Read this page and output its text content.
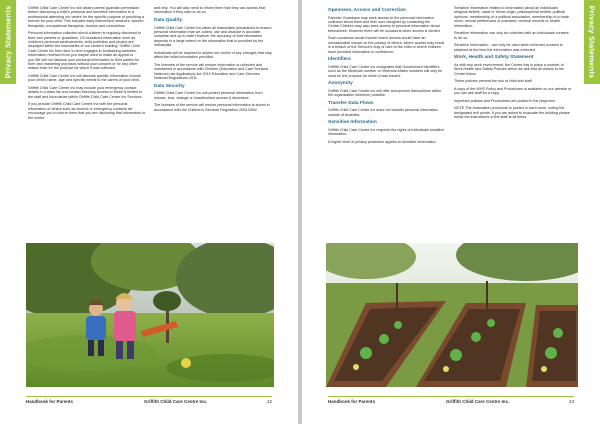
Privacy Statements	Griffith Child Care Centre Inc will obtain parent/ guardian permission before disclosing a child's personal and sensitive information to a professional attending our centre for the specific purpose of providing a service for your child. This includes early intervention teachers, speech therapists, occupational therapists, doctors and counsellors.

Personal information collected about children is regularly disclosed to their own parents or guardians. On occasions information such as children's personal achievements, child portfolios and photos are displayed within the boundaries of our centre's building. Griffith Child Care Centre Inc from time to time engages in fundraising activities. Information received from you maybe used to make an appeal to you.We will not disclose your personal information to third parties for their own marketing purposes without your consent or for any other reason than for the purpose for which it was collected.

Griffith Child Care Centre Inc will disclose specific information include your child's name, age and specific needs to the carers of your child.

Griffith Child Care Centre Inc may include your emergency contact details in a class list and contact directory.Access to these is limited to the staff and boundaries within Griffith Child Care Centre Inc Services.

If you provide Griffith Child Care Centre Inc with the personal information of others such as doctors or emergency contacts we encourage you to inform them that you are disclosing that information to the centre

and why. You will also need to inform them that they can access that information if they wish to do so.

Data Quality

Griffith Child Care Centre Inc takes all reasonable precautions to ensure personal information that we collect, use and disclose is accurate, complete and up-to-date.However the accuracy of that information depends to a large extent on the information that is provided by the individuals.

Individuals will be required to advise our centre of any changes that may affect the initial information provided.

The licensee of the service will ensure information is collected and maintained in accordance with Children (Education and Care Services National Law Application) Act 2010 Education and Care Services National Regulations 2011

Data Security

Griffith Child Care Centre Inc will protect personal information from misuse, loss, change or unauthorised access & disclosure.

The licensee of the service will ensure personal information is stored in accordance with the Children's Services Regulation 2004 NSW

Handbook for Parents	Griffith Child Care Centre Inc.	22
Privacy Statements
Openness, Access and Correction

Parents/ Guardians may seek access to the personal information collected about them and their son/ daughter by contacting the Centre.Children may also seek access to personal information about themselves. However there will be occasions when access is denied.

Such occasions would include where access would have an unreasonable impact on the privacy of others, where access may result in a breach of the Service's duty of care to the child or where children have provided information in confidence.

Identifiers

Griffith Child Care Centre Inc recognises that Government identifiers such as the Medicare number or Veterans Affairs numbers will only be used for the purpose for which it was issued.

Anonymity

Griffith Child Care Centre Inc will offer anonymous transactions within the organisation wherever possible.

Transfer Data Flows

Griffith Child Care Centre Inc does not transfer personal information outside of Australia.

Sensitive Information

Griffith Child Care Centre Inc respects the rights of individuals sensitive information.

A higher level of privacy protection applies to sensitive information.

Sensitive information relates to information about an individual's religious beliefs, racial or ethnic origin, philosophical beliefs, political opinions, membership of a political association, membership of a trade union, sexual preferences or practices, criminal records or health information.

Sensitive information can only be collected with an individuals consent to do so.

Sensitive Information - can only be used when informed consent is obtained at the time the information was collected.

Work, Health and Safety Statement

As with any work environment, the Centre has in place a number of Work Health and Safety Policies which we ask that all visitors to the Centre follow.

These policies prevent the risk of child and staff.

A copy of the WHS Policy and Procedures is available on our website or you can ask staff for a copy.

Important policies and Procedures are posted in the playroom.

NOTE The evacuation procedure is posted in each room, noting the designated exit points. If you are asked to evacuate the building please follow the instructions of the staff at all times.

Handbook for Parents	Griffith Child Care Centre Inc.	23
